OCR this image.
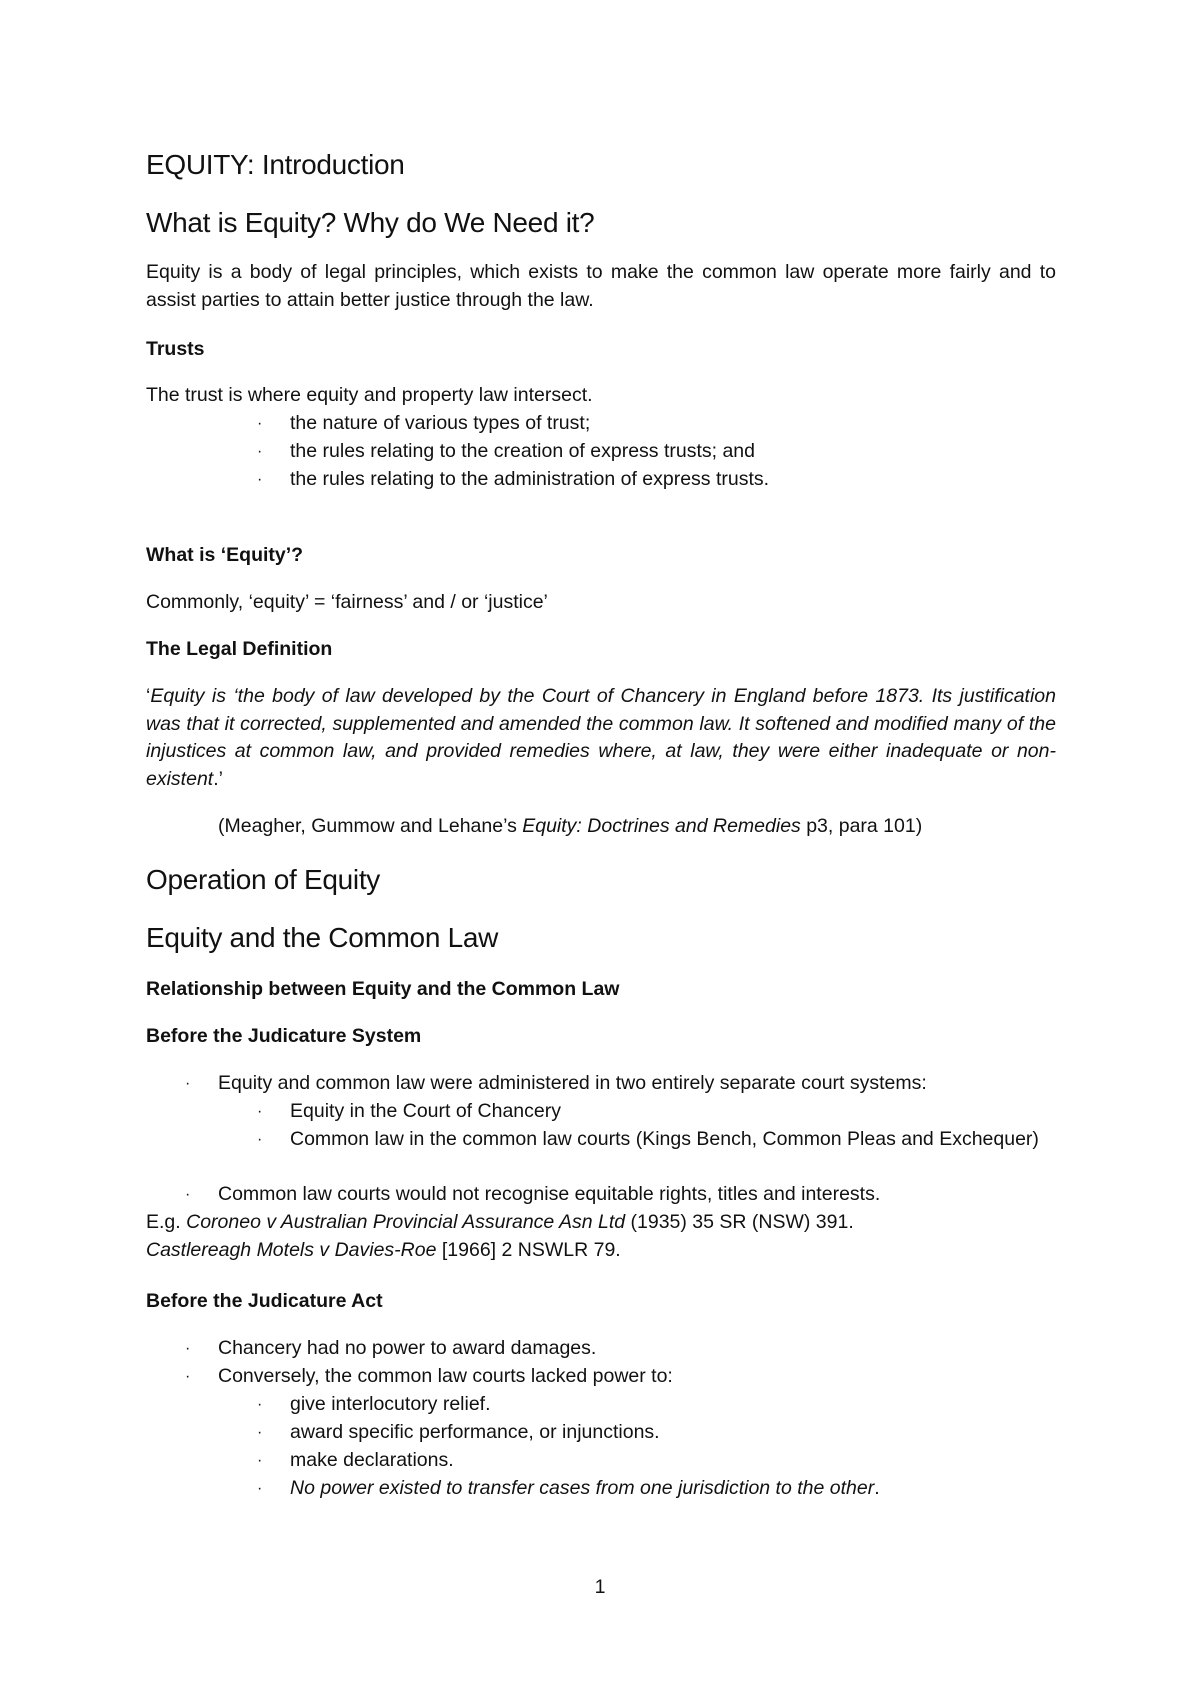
EQUITY: Introduction
What is Equity? Why do We Need it?

Equity is a body of legal principles, which exists to make the common law operate more fairly and to assist parties to attain better justice through the law.

Trusts

The trust is where equity and property law intersect.

· the nature of various types of trust;
· the rules relating to the creation of express trusts; and
· the rules relating to the administration of express trusts.

What is ‘Equity’?

Commonly, ‘equity’ = ‘fairness’ and / or ‘justice’

The Legal Definition

‘Equity is ‘the body of law developed by the Court of Chancery in England before 1873. Its justification was that it corrected, supplemented and amended the common law. It softened and modified many of the injustices at common law, and provided remedies where, at law, they were either inadequate or non-existent.’

(Meagher, Gummow and Lehane’s Equity: Doctrines and Remedies p3, para 101)

Operation of Equity
Equity and the Common Law

Relationship between Equity and the Common Law

Before the Judicature System

· Equity and common law were administered in two entirely separate court systems:
· Equity in the Court of Chancery
· Common law in the common law courts (Kings Bench, Common Pleas and Exchequer)
· Common law courts would not recognise equitable rights, titles and interests.

E.g. Coroneo v Australian Provincial Assurance Asn Ltd (1935) 35 SR (NSW) 391.

Castlereagh Motels v Davies-Roe [1966] 2 NSWLR 79.

Before the Judicature Act

· Chancery had no power to award damages.
· Conversely, the common law courts lacked power to:
· give interlocutory relief.
· award specific performance, or injunctions.
· make declarations.
· No power existed to transfer cases from one jurisdiction to the other.
1
